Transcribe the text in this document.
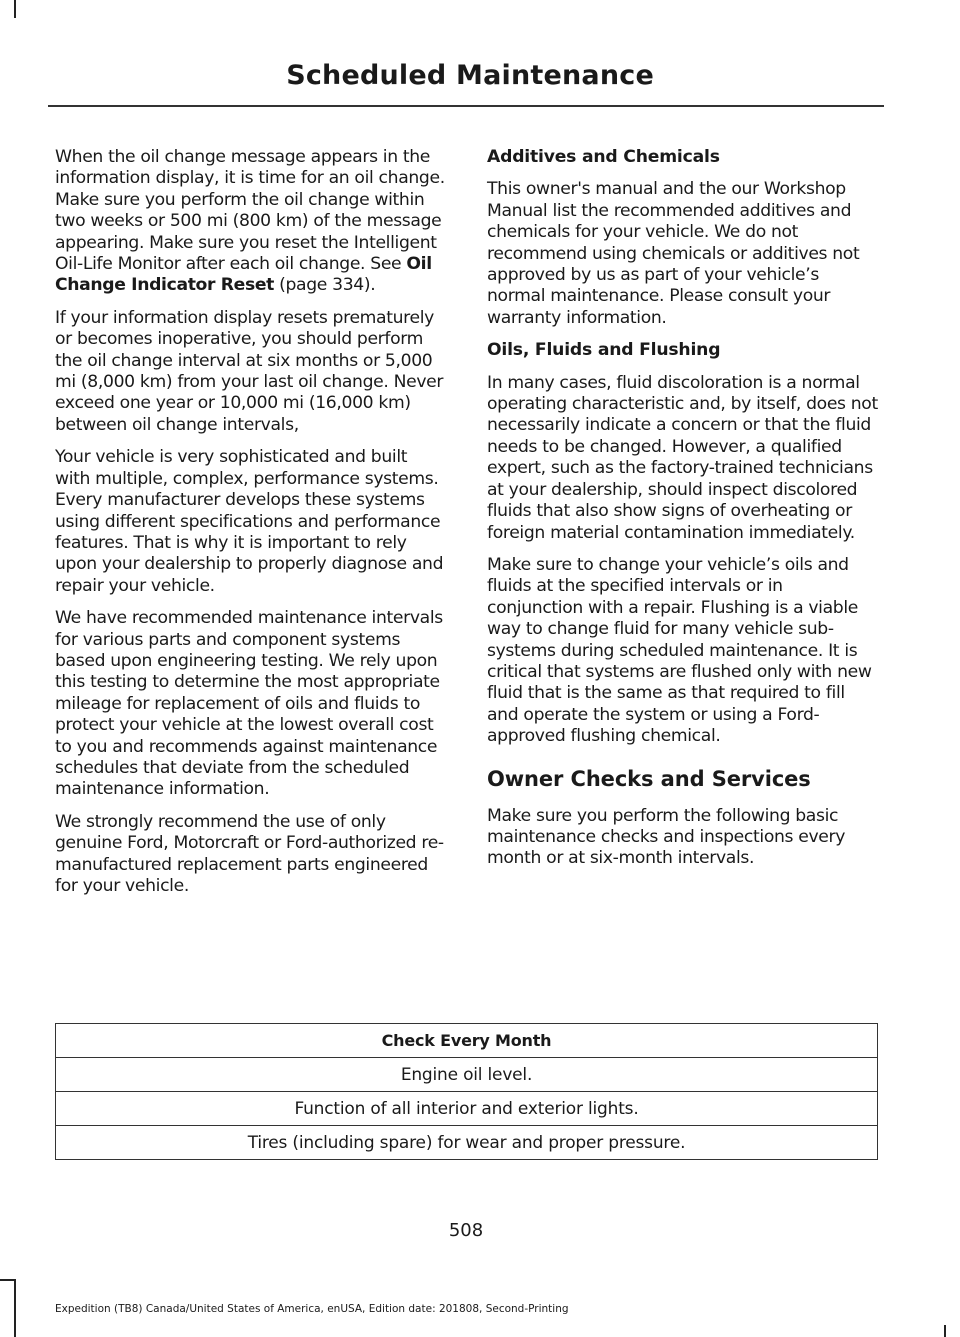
Scheduled Maintenance

When the oil change message appears in the information display, it is time for an oil change. Make sure you perform the oil change within two weeks or 500 mi (800 km) of the message appearing. Make sure you reset the Intelligent Oil-Life Monitor after each oil change. See Oil Change Indicator Reset (page 334).

If your information display resets prematurely or becomes inoperative, you should perform the oil change interval at six months or 5,000 mi (8,000 km) from your last oil change. Never exceed one year or 10,000 mi (16,000 km) between oil change intervals,

Your vehicle is very sophisticated and built with multiple, complex, performance systems. Every manufacturer develops these systems using different specifications and performance features. That is why it is important to rely upon your dealership to properly diagnose and repair your vehicle.

We have recommended maintenance intervals for various parts and component systems based upon engineering testing. We rely upon this testing to determine the most appropriate mileage for replacement of oils and fluids to protect your vehicle at the lowest overall cost to you and recommends against maintenance schedules that deviate from the scheduled maintenance information.

We strongly recommend the use of only genuine Ford, Motorcraft or Ford-authorized re-manufactured replacement parts engineered for your vehicle.

Additives and Chemicals

This owner's manual and the our Workshop Manual list the recommended additives and chemicals for your vehicle. We do not recommend using chemicals or additives not approved by us as part of your vehicle’s normal maintenance. Please consult your warranty information.

Oils, Fluids and Flushing

In many cases, fluid discoloration is a normal operating characteristic and, by itself, does not necessarily indicate a concern or that the fluid needs to be changed. However, a qualified expert, such as the factory-trained technicians at your dealership, should inspect discolored fluids that also show signs of overheating or foreign material contamination immediately.

Make sure to change your vehicle’s oils and fluids at the specified intervals or in conjunction with a repair. Flushing is a viable way to change fluid for many vehicle sub-systems during scheduled maintenance. It is critical that systems are flushed only with new fluid that is the same as that required to fill and operate the system or using a Ford-approved flushing chemical.

Owner Checks and Services

Make sure you perform the following basic maintenance checks and inspections every month or at six-month intervals.

Check Every Month
Engine oil level.
Function of all interior and exterior lights.
Tires (including spare) for wear and proper pressure.

508

Expedition (TB8) Canada/United States of America, enUSA, Edition date: 201808, Second-Printing
